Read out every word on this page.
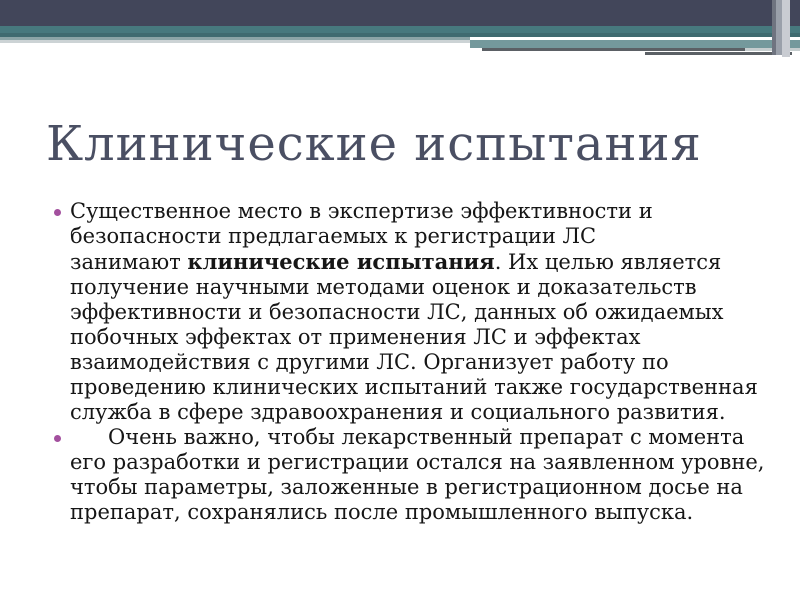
Клинические испытания
Существенное место в экспертизе эффективности и
безопасности предлагаемых к регистрации ЛС
занимают клинические испытания. Их целью является
получение научными методами оценок и доказательств
эффективности и безопасности ЛС, данных об ожидаемых
побочных эффектах от применения ЛС и эффектах
взаимодействия с другими ЛС. Организует работу по
проведению клинических испытаний также государственная
служба в сфере здравоохранения и социального развития.
Очень важно, чтобы лекарственный препарат с момента
его разработки и регистрации остался на заявленном уровне,
чтобы параметры, заложенные в регистрационном досье на
препарат, сохранялись после промышленного выпуска.
